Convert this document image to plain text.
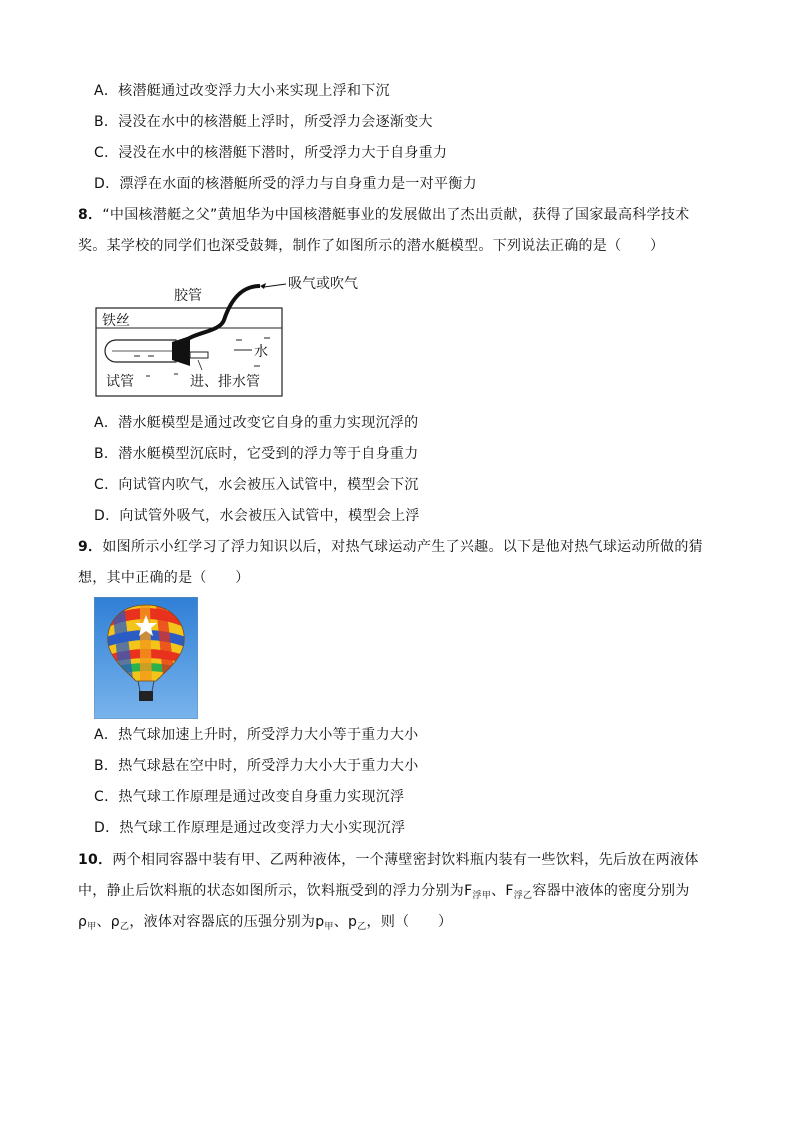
A．核潜艇通过改变浮力大小来实现上浮和下沉
B．浸没在水中的核潜艇上浮时，所受浮力会逐渐变大
C．浸没在水中的核潜艇下潜时，所受浮力大于自身重力
D．漂浮在水面的核潜艇所受的浮力与自身重力是一对平衡力
8．“中国核潜艇之父”黄旭华为中国核潜艇事业的发展做出了杰出贡献，获得了国家最高科学技术
奖。某学校的同学们也深受鼓舞，制作了如图所示的潜水艇模型。下列说法正确的是（　　）
胶管
吸气或吹气
铁丝
水
试管	进、排水管
A．潜水艇模型是通过改变它自身的重力实现沉浮的
B．潜水艇模型沉底时，它受到的浮力等于自身重力
C．向试管内吹气，水会被压入试管中，模型会下沉
D．向试管外吸气，水会被压入试管中，模型会上浮
9．如图所示小红学习了浮力知识以后，对热气球运动产生了兴趣。以下是他对热气球运动所做的猜
想，其中正确的是（　　）
A．热气球加速上升时，所受浮力大小等于重力大小
B．热气球悬在空中时，所受浮力大小大于重力大小
C．热气球工作原理是通过改变自身重力实现沉浮
D．热气球工作原理是通过改变浮力大小实现沉浮
10．两个相同容器中装有甲、乙两种液体，一个薄壁密封饮料瓶内装有一些饮料，先后放在两液体
中，静止后饮料瓶的状态如图所示，饮料瓶受到的浮力分别为$F_{浮甲}$、$F_{浮乙}$容器中液体的密度分别为
$\rho_甲$、$\rho_乙$，液体对容器底的压强分别为$p_甲$、$p_乙$，则（　　）
